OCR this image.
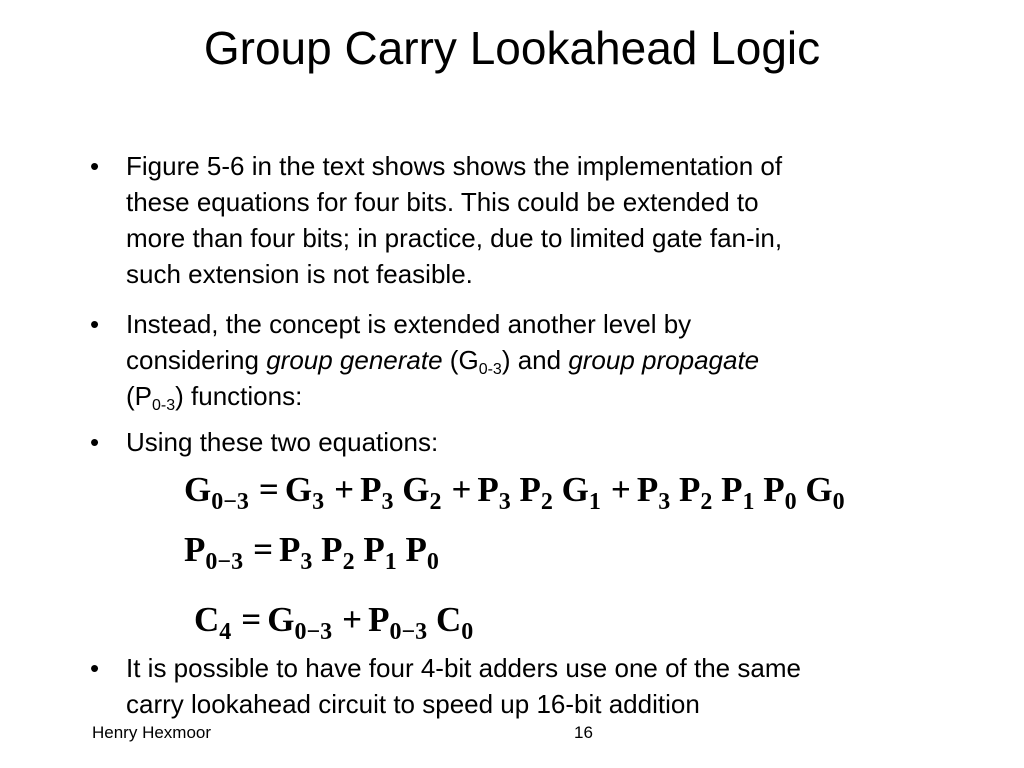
Group Carry Lookahead Logic
• Figure 5-6 in the text shows shows the implementation of
these equations for four bits. This could be extended to
more than four bits; in practice, due to limited gate fan-in,
such extension is not feasible.
• Instead, the concept is extended another level by
considering group generate $(G_{0-3})$ and group propagate
$(P_{0-3})$ functions:
• Using these two equations:
• It is possible to have four 4-bit adders use one of the same
carry lookahead circuit to speed up 16-bit addition
$G_{0-3} = G_3 + P_3$ $G_2 + P_3$ $P_2$ $G_1 + P_3$ $P_2$ $P_1$ $P_0$ $G_0$
$P_{0-3} = P_3$ $P_2$ $P_1$ $P_0$
$C_4 = G_{0-3} + P_{0-3}$ $C_0$
Henry Hexmoor	16
